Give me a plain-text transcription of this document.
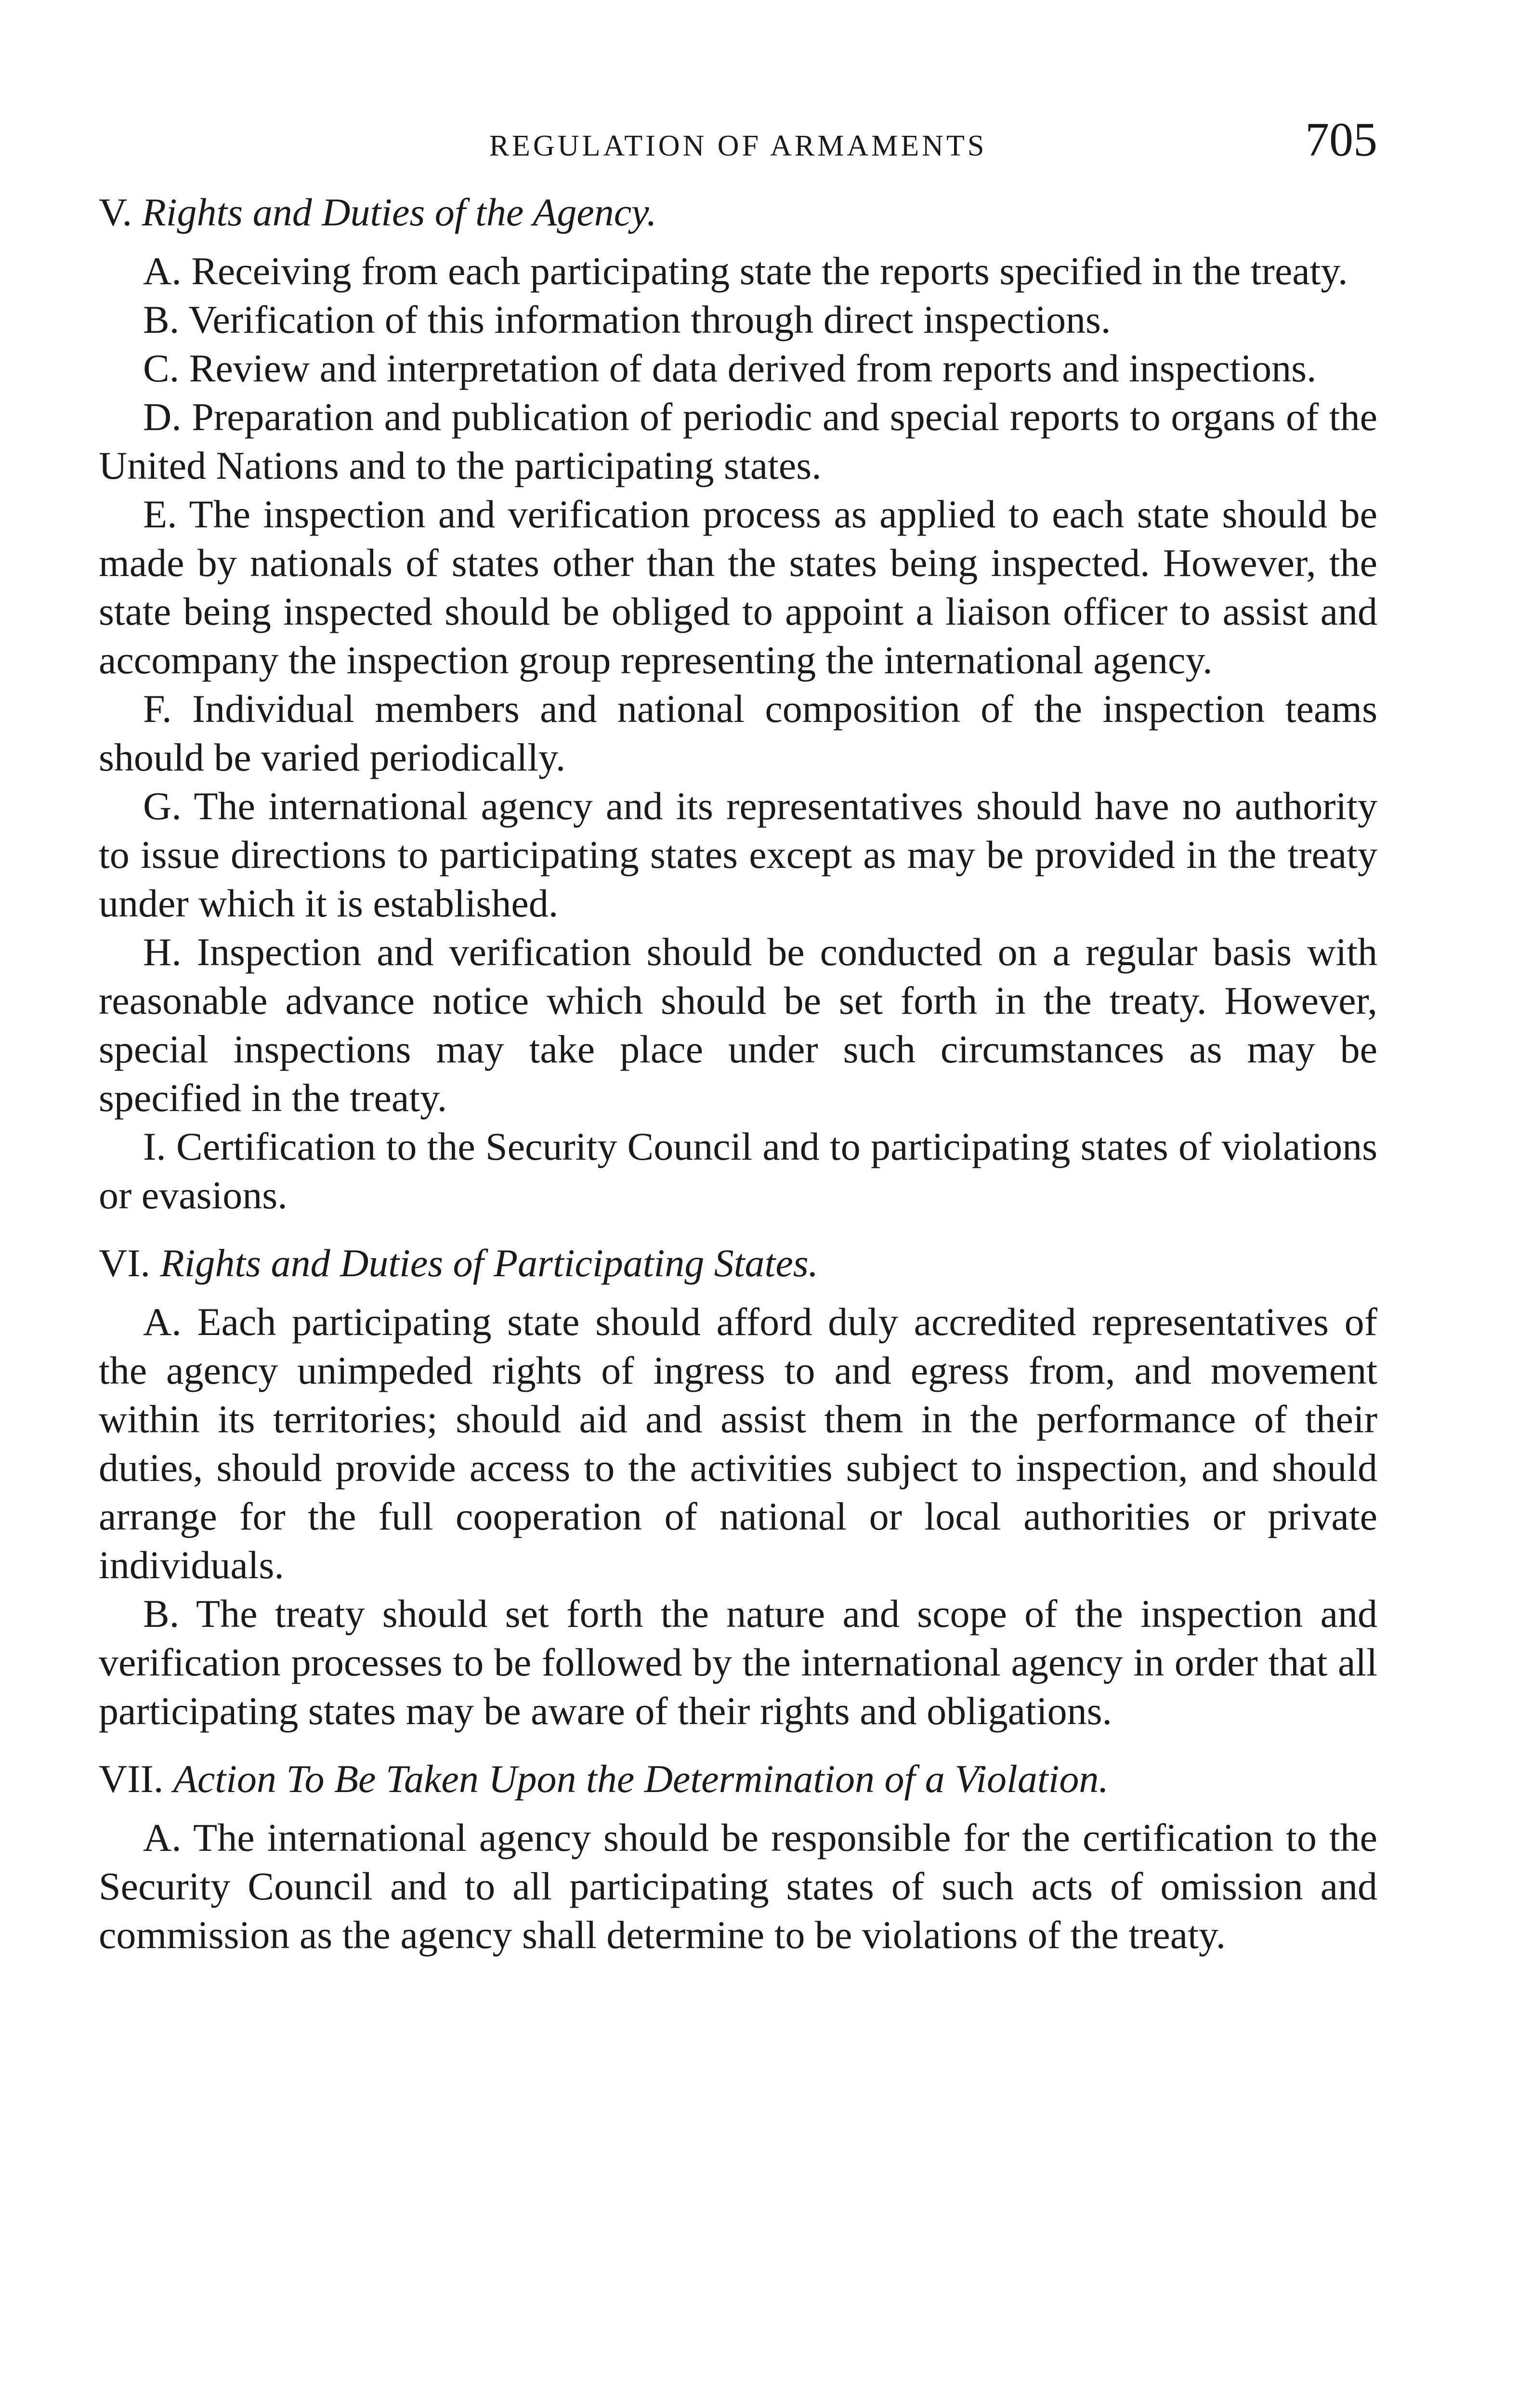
REGULATION OF ARMAMENTS	705
V. Rights and Duties of the Agency.

A. Receiving from each participating state the reports specified in the treaty.

B. Verification of this information through direct inspections.

C. Review and interpretation of data derived from reports and inspections.

D. Preparation and publication of periodic and special reports to organs of the United Nations and to the participating states.

E. The inspection and verification process as applied to each state should be made by nationals of states other than the states being inspected. However, the state being inspected should be obliged to appoint a liaison officer to assist and accompany the inspection group representing the international agency.

F. Individual members and national composition of the inspection teams should be varied periodically.

G. The international agency and its representatives should have no authority to issue directions to participating states except as may be provided in the treaty under which it is established.

H. Inspection and verification should be conducted on a regular basis with reasonable advance notice which should be set forth in the treaty. However, special inspections may take place under such circumstances as may be specified in the treaty.

I. Certification to the Security Council and to participating states of violations or evasions.

VI. Rights and Duties of Participating States.

A. Each participating state should afford duly accredited representatives of the agency unimpeded rights of ingress to and egress from, and movement within its territories; should aid and assist them in the performance of their duties, should provide access to the activities subject to inspection, and should arrange for the full cooperation of national or local authorities or private individuals.

B. The treaty should set forth the nature and scope of the inspection and verification processes to be followed by the international agency in order that all participating states may be aware of their rights and obligations.

VII. Action To Be Taken Upon the Determination of a Violation.

A. The international agency should be responsible for the certification to the Security Council and to all participating states of such acts of omission and commission as the agency shall determine to be violations of the treaty.
